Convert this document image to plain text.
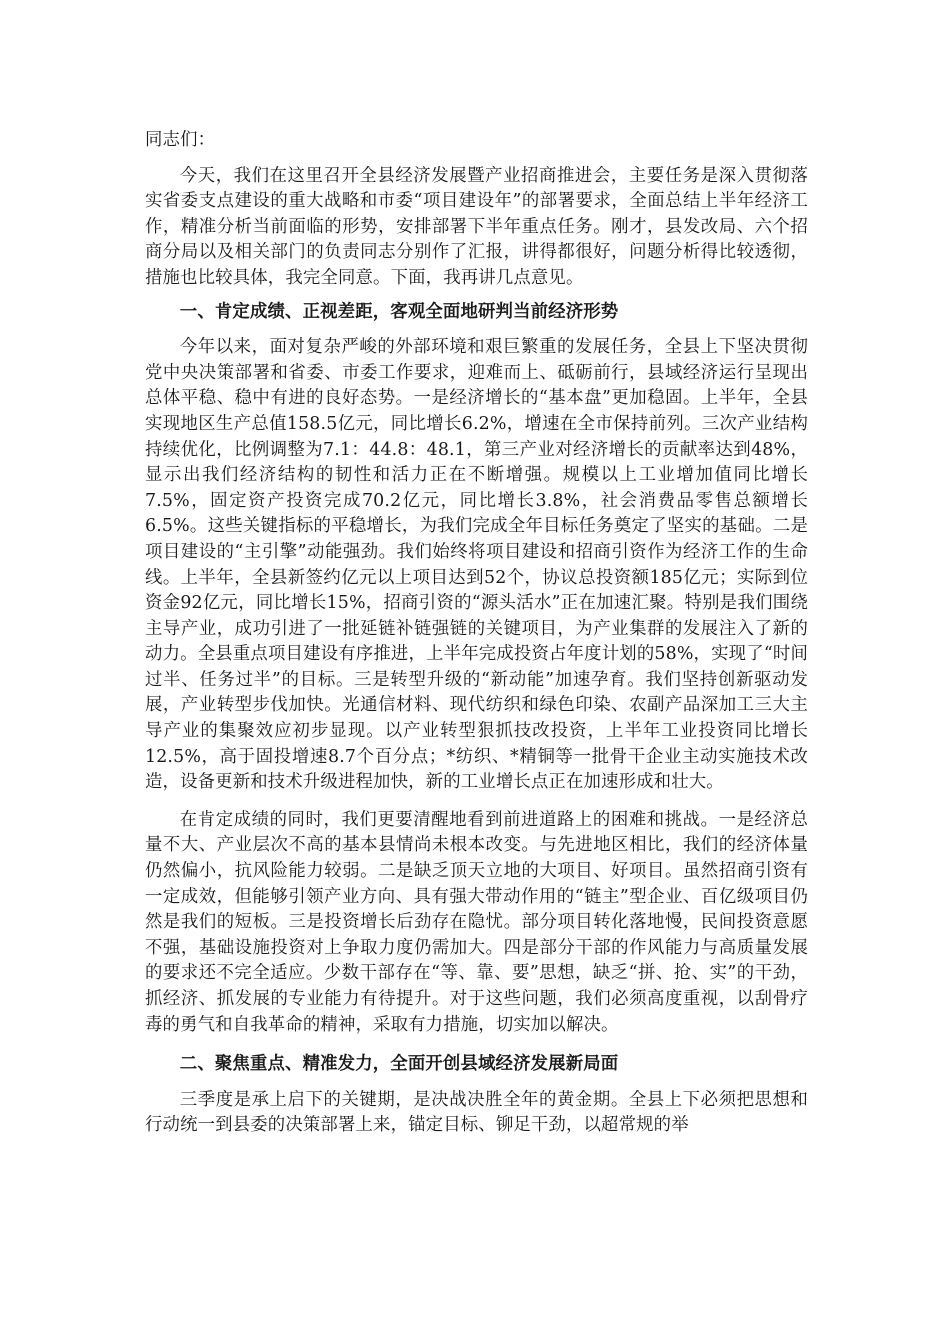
同志们：

今天，我们在这里召开全县经济发展暨产业招商推进会，主要任务是深入贯彻落实省委支点建设的重大战略和市委“项目建设年”的部署要求，全面总结上半年经济工作，精准分析当前面临的形势，安排部署下半年重点任务。刚才，县发改局、六个招商分局以及相关部门的负责同志分别作了汇报，讲得都很好，问题分析得比较透彻，措施也比较具体，我完全同意。下面，我再讲几点意见。

一、肯定成绩、正视差距，客观全面地研判当前经济形势

今年以来，面对复杂严峻的外部环境和艰巨繁重的发展任务，全县上下坚决贯彻党中央决策部署和省委、市委工作要求，迎难而上、砥砺前行，县域经济运行呈现出总体平稳、稳中有进的良好态势。一是经济增长的“基本盘”更加稳固。上半年，全县实现地区生产总值158.5亿元，同比增长6.2%，增速在全市保持前列。三次产业结构持续优化，比例调整为7.1：44.8：48.1，第三产业对经济增长的贡献率达到48%，显示出我们经济结构的韧性和活力正在不断增强。规模以上工业增加值同比增长7.5%，固定资产投资完成70.2亿元，同比增长3.8%，社会消费品零售总额增长6.5%。这些关键指标的平稳增长，为我们完成全年目标任务奠定了坚实的基础。二是项目建设的“主引擎”动能强劲。我们始终将项目建设和招商引资作为经济工作的生命线。上半年，全县新签约亿元以上项目达到52个，协议总投资额185亿元；实际到位资金92亿元，同比增长15%，招商引资的“源头活水”正在加速汇聚。特别是我们围绕主导产业，成功引进了一批延链补链强链的关键项目，为产业集群的发展注入了新的动力。全县重点项目建设有序推进，上半年完成投资占年度计划的58%，实现了“时间过半、任务过半”的目标。三是转型升级的“新动能”加速孕育。我们坚持创新驱动发展，产业转型步伐加快。光通信材料、现代纺织和绿色印染、农副产品深加工三大主导产业的集聚效应初步显现。以产业转型狠抓技改投资，上半年工业投资同比增长12.5%，高于固投增速8.7个百分点；*纺织、*精铜等一批骨干企业主动实施技术改造，设备更新和技术升级进程加快，新的工业增长点正在加速形成和壮大。

在肯定成绩的同时，我们更要清醒地看到前进道路上的困难和挑战。一是经济总量不大、产业层次不高的基本县情尚未根本改变。与先进地区相比，我们的经济体量仍然偏小，抗风险能力较弱。二是缺乏顶天立地的大项目、好项目。虽然招商引资有一定成效，但能够引领产业方向、具有强大带动作用的“链主”型企业、百亿级项目仍然是我们的短板。三是投资增长后劲存在隐忧。部分项目转化落地慢，民间投资意愿不强，基础设施投资对上争取力度仍需加大。四是部分干部的作风能力与高质量发展的要求还不完全适应。少数干部存在“等、靠、要”思想，缺乏“拼、抢、实”的干劲，抓经济、抓发展的专业能力有待提升。对于这些问题，我们必须高度重视，以刮骨疗毒的勇气和自我革命的精神，采取有力措施，切实加以解决。

二、聚焦重点、精准发力，全面开创县域经济发展新局面

三季度是承上启下的关键期，是决战决胜全年的黄金期。全县上下必须把思想和行动统一到县委的决策部署上来，锚定目标、铆足干劲，以超常规的举
